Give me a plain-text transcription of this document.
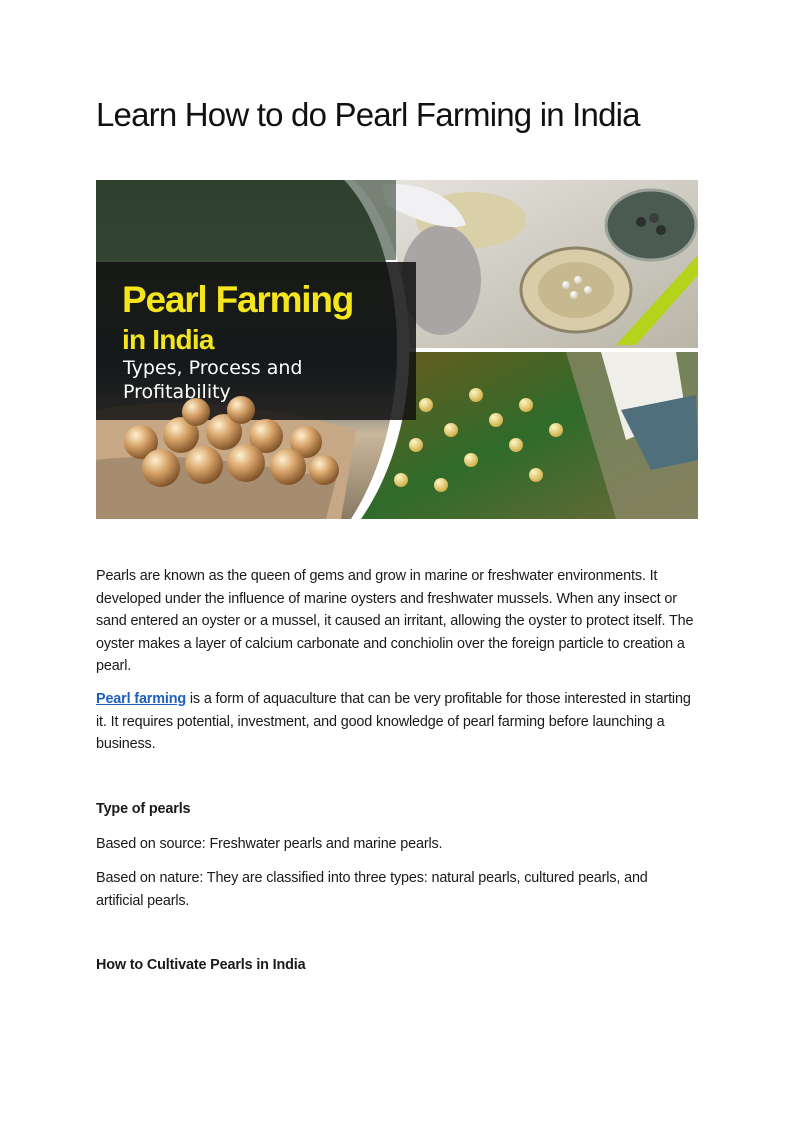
Learn How to do Pearl Farming in India
Pearl Farming
in India
Types, Process and
Profitability

Pearls are known as the queen of gems and grow in marine or freshwater environments. It developed under the influence of marine oysters and freshwater mussels. When any insect or sand entered an oyster or a mussel, it caused an irritant, allowing the oyster to protect itself. The oyster makes a layer of calcium carbonate and conchiolin over the foreign particle to creation a pearl.

Pearl farming is a form of aquaculture that can be very profitable for those interested in starting it. It requires potential, investment, and good knowledge of pearl farming before launching a business.

Type of pearls

Based on source: Freshwater pearls and marine pearls.

Based on nature: They are classified into three types: natural pearls, cultured pearls, and artificial pearls.

How to Cultivate Pearls in India
